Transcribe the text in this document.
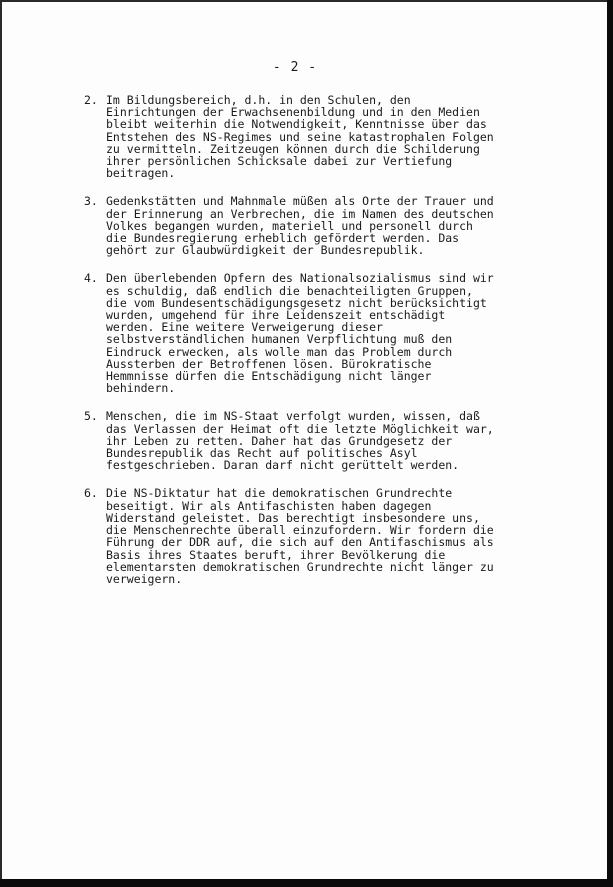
- 2 -
2. Im Bildungsbereich, d.h. in den Schulen, den
Einrichtungen der Erwachsenenbildung und in den Medien
bleibt weiterhin die Notwendigkeit, Kenntnisse über das
Entstehen des NS-Regimes und seine katastrophalen Folgen
zu vermitteln. Zeitzeugen können durch die Schilderung
ihrer persönlichen Schicksale dabei zur Vertiefung
beitragen.
3. Gedenkstätten und Mahnmale müßen als Orte der Trauer und
der Erinnerung an Verbrechen, die im Namen des deutschen
Volkes begangen wurden, materiell und personell durch
die Bundesregierung erheblich gefördert werden. Das
gehört zur Glaubwürdigkeit der Bundesrepublik.
4. Den überlebenden Opfern des Nationalsozialismus sind wir
es schuldig, daß endlich die benachteiligten Gruppen,
die vom Bundesentschädigungsgesetz nicht berücksichtigt
wurden, umgehend für ihre Leidenszeit entschädigt
werden. Eine weitere Verweigerung dieser
selbstverständlichen humanen Verpflichtung muß den
Eindruck erwecken, als wolle man das Problem durch
Aussterben der Betroffenen lösen. Bürokratische
Hemmnisse dürfen die Entschädigung nicht länger
behindern.
5. Menschen, die im NS-Staat verfolgt wurden, wissen, daß
das Verlassen der Heimat oft die letzte Möglichkeit war,
ihr Leben zu retten. Daher hat das Grundgesetz der
Bundesrepublik das Recht auf politisches Asyl
festgeschrieben. Daran darf nicht gerüttelt werden.
6. Die NS-Diktatur hat die demokratischen Grundrechte
beseitigt. Wir als Antifaschisten haben dagegen
Widerstand geleistet. Das berechtigt insbesondere uns,
die Menschenrechte überall einzufordern. Wir fordern die
Führung der DDR auf, die sich auf den Antifaschismus als
Basis ihres Staates beruft, ihrer Bevölkerung die
elementarsten demokratischen Grundrechte nicht länger zu
verweigern.
